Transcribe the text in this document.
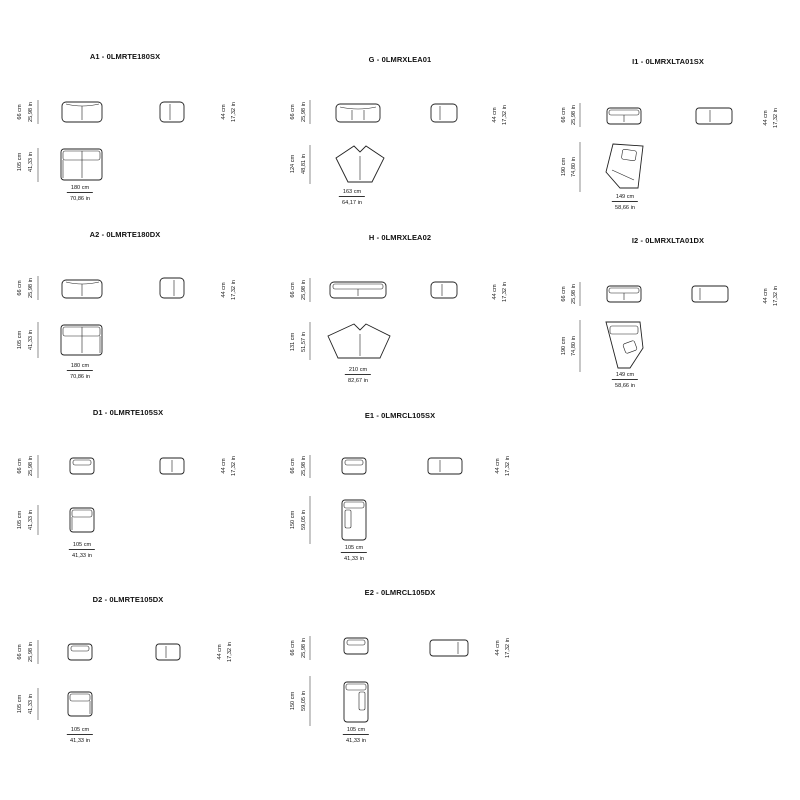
A1 - 0LMRTE180SX	G - 0LMRXLEA01	I1 - 0LMRXLTA01SX
A2 - 0LMRTE180DX	H - 0LMRXLEA02	I2 - 0LMRXLTA01DX
D1 - 0LMRTE105SX	E1 - 0LMRCL105SX
D2 - 0LMRTE105DX
E2 - 0LMRCL105DX
66 cm 25,98 in
105 cm 41,33 in
44 cm 17,32 in
180 cm
70,86 in
66 cm 25,98 in
124 cm 48,81 in
44 cm 17,32 in
163 cm
64,17 in
66 cm 25,98 in
190 cm 74,80 in
44 cm 17,32 in
149 cm
58,66 in
66 cm 25,98 in
105 cm 41,33 in
44 cm 17,32 in
180 cm
70,86 in
66 cm 25,98 in
131 cm 51,57 in
44 cm 17,32 in
210 cm
82,67 in
66 cm 25,98 in
190 cm 74,80 in
44 cm 17,32 in
149 cm
58,66 in
66 cm 25,98 in
105 cm 41,33 in
44 cm 17,32 in
105 cm
41,33 in
66 cm 25,98 in
150 cm 59,05 in
44 cm 17,32 in
105 cm
41,33 in
66 cm 25,98 in
105 cm 41,33 in
44 cm 17,32 in
105 cm
41,33 in
66 cm 25,98 in
150 cm 59,05 in
44 cm 17,32 in
105 cm
41,33 in
